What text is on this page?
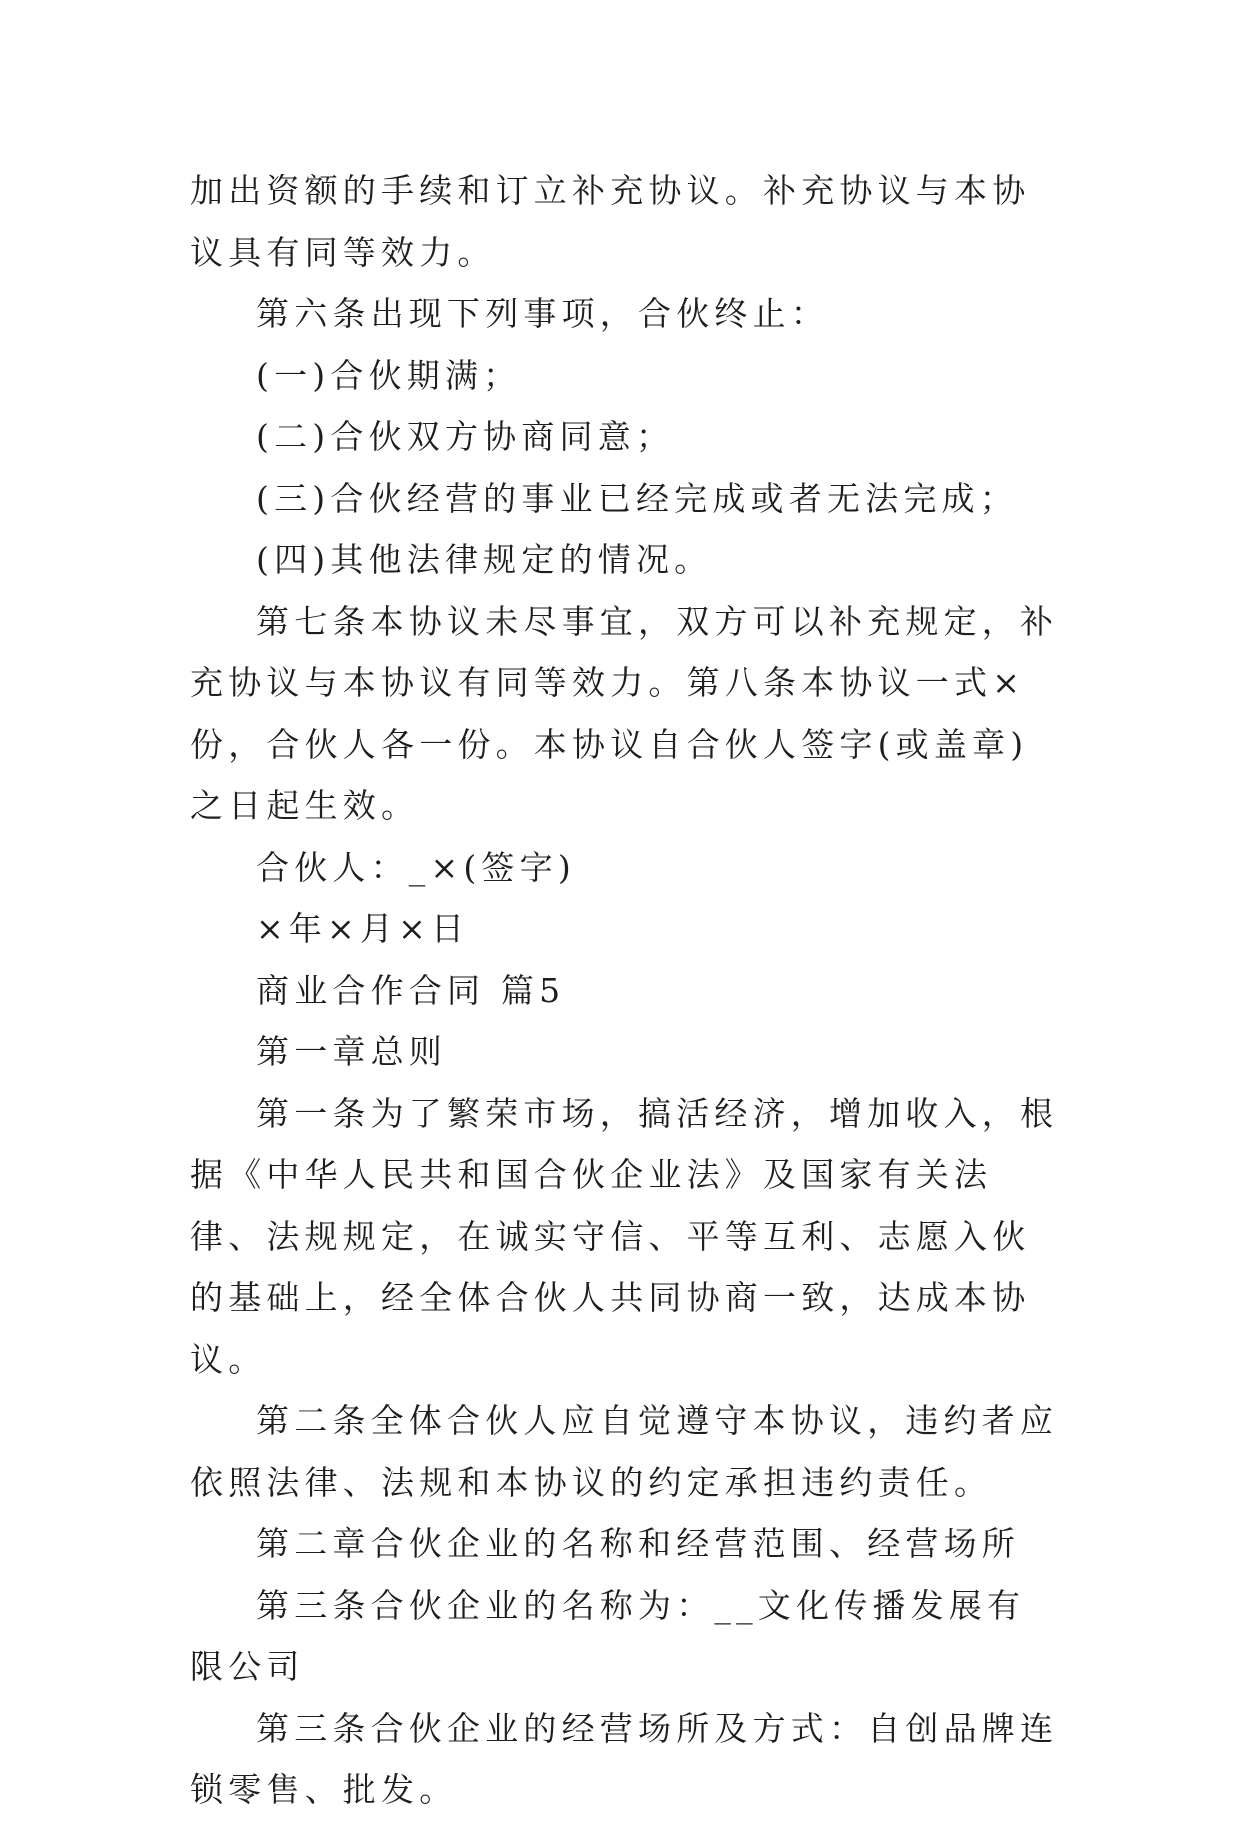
加出资额的手续和订立补充协议。补充协议与本协议具有同等效力。

第六条出现下列事项，合伙终止：

(一)合伙期满；

(二)合伙双方协商同意；

(三)合伙经营的事业已经完成或者无法完成；

(四)其他法律规定的情况。

第七条本协议未尽事宜，双方可以补充规定，补充协议与本协议有同等效力。第八条本协议一式×份，合伙人各一份。本协议自合伙人签字(或盖章)之日起生效。

合伙人：_×(签字)

×年×月×日

商业合作合同 篇5

第一章总则

第一条为了繁荣市场，搞活经济，增加收入，根据《中华人民共和国合伙企业法》及国家有关法律、法规规定，在诚实守信、平等互利、志愿入伙的基础上，经全体合伙人共同协商一致，达成本协议。

第二条全体合伙人应自觉遵守本协议，违约者应依照法律、法规和本协议的约定承担违约责任。

第二章合伙企业的名称和经营范围、经营场所

第三条合伙企业的名称为：__文化传播发展有限公司

第三条合伙企业的经营场所及方式：自创品牌连锁零售、批发。
